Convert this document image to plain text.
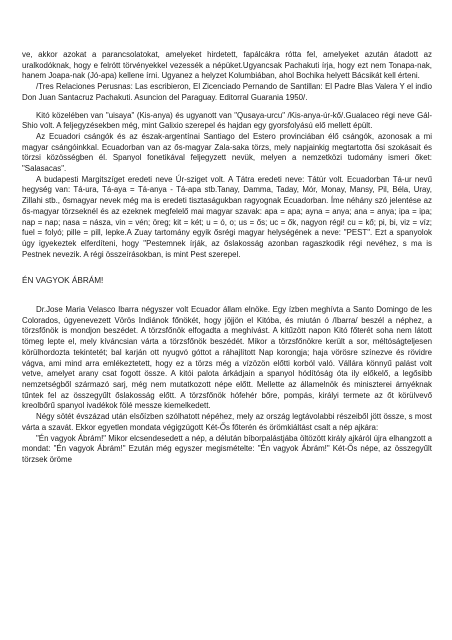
ve, akkor azokat a parancsolatokat, amelyeket hirdetett, fapálcákra rótta fel, amelyeket azután átadott az uralkodóknak, hogy e felrótt törvényekkel vezessék a népüket.Ugyancsak Pachakuti írja, hogy ezt nem Tonapa-nak, hanem Joapa-nak (Jó-apa) kellene írni. Ugyanez a helyzet Kolumbiában, ahol Bochika helyett Bácsikát kell érteni.

/Tres Relaciones Perusnas: Las escribieron, El Zicenciado Pernando de Santillan: El Padre Blas Valera Y el indio Don Juan Santacruz Pachakuti. Asuncion del Paraguay. Editorral Guarania 1950/.

Kitó közelében van "uisaya" (Kis-anya) és ugyanott van "Qusaya-urcu" /Kis-anya-úr-kő/.Gualaceo régi neve Gál-Shio volt. A feljegyzésekben még, mint Galixio szerepel és hajdan egy gyorsfolyású elő mellett épült.

Az Ecuadori csángók és az észak-argentínai Santiago del Estero provinciában élő csángók, azonosak a mi magyar csángóinkkal. Ecuadorban van az ős-magyar Zala-saka törzs, mely napjainkig megtartotta ősi szokásait és törzsi közösségben él. Spanyol fonetikával feljegyzett nevük, melyen a nemzetközi tudomány ismeri őket: "Salasacas".

A budapesti Margitszíget eredeti neve Úr-sziget volt. A Tátra eredeti neve: Tátúr volt. Ecuadorban Tá-ur nevű hegység van: Tá-ura, Tá-aya = Tá-anya - Tá-apa stb.Tanay, Damma, Taday, Mór, Monay, Mansy, Pil, Béla, Uray, Zillahi stb., ősmagyar nevek még ma is eredeti tisztaságukban ragyognak Ecuadorban. Íme néhány szó jelentése az ős-magyar törzseknél és az ezeknek megfelelő mai magyar szavak: apa = apa; ayna = anya; ana = anya; ipa = ipa; nap = nap; nasa = násza, vin = vén; öreg; kit = két; u = ó, o; us = ős; uc = ők, nagyon régi! cu = kő; pi, bi, viz = víz; fuel = folyó; pille = pill, lepke.A Zuay tartomány egyik ősrégi magyar helységének a neve: "PEST". Ezt a spanyolok úgy igyekeztek elferdíteni, hogy "Pestemnek írják, az őslakosság azonban ragaszkodik régi nevéhez, s ma is Pestnek nevezik. A régi összeírásokban, is mint Pest szerepel.

ÉN VAGYOK ÁBRÁM!

Dr.Jose Maria Velasco Ibarra négyszer volt Ecuador állam elnöke. Egy ízben meghívta a Santo Domingo de les Colorados, úgyenevezett Vörös Indiánok főnökét, hogy jöjjön el Kitóba, és miután ó /Ibarra/ beszél a néphez, a törzsfőnök is mondjon beszédet. A törzsfőnök elfogadta a meghívást. A kitűzött napon Kitó főterét soha nem látott tömeg lepte el, mely kíváncsian várta a törzsfőnök beszédét. Mikor a törzsfőnökre került a sor, méltóságteljesen körülhordozta tekintetét; bal karján ott nyugvó góttot a ráhajlított Nap korongja; haja vörösre színezve és rövidre vágva, ami mind arra emlékeztetett, hogy ez a törzs még a vízözön előtti korból való. Vállára könnyű palást volt vetve, amelyet arany csat fogott össze. A kitói palota árkádjain a spanyol hódítóság óta ily előkelő, a legősibb nemzetségből származó sarj, még nem mutatkozott népe előtt. Mellette az államelnök és miniszterei árnyéknak tűntek fel az összegyűlt őslakosság előtt. A törzsfőnök hófehér bőre, pompás, királyi termete az őt körülvevő kreolbőrű spanyol ivadékok fölé messze kiemelkedett.

Négy sötét évszázad után elsőízben szólhatott népéhez, mely az ország legtávolabbi részeiből jött össze, s most várta a szavát. Ekkor egyetlen mondata végigzúgott Két-Ős főterén és örömkiáltást csalt a nép ajkára:

"Én vagyok Ábrám!" Mikor elcsendesedett a nép, a délután bíborpalástjába öltözött király ajkáról újra elhangzott a mondat: "Én vagyok Ábrám!" Ezután még egyszer megismételte: "Én vagyok Ábrám!" Két-Ős népe, az összegyűlt törzsek öröme
